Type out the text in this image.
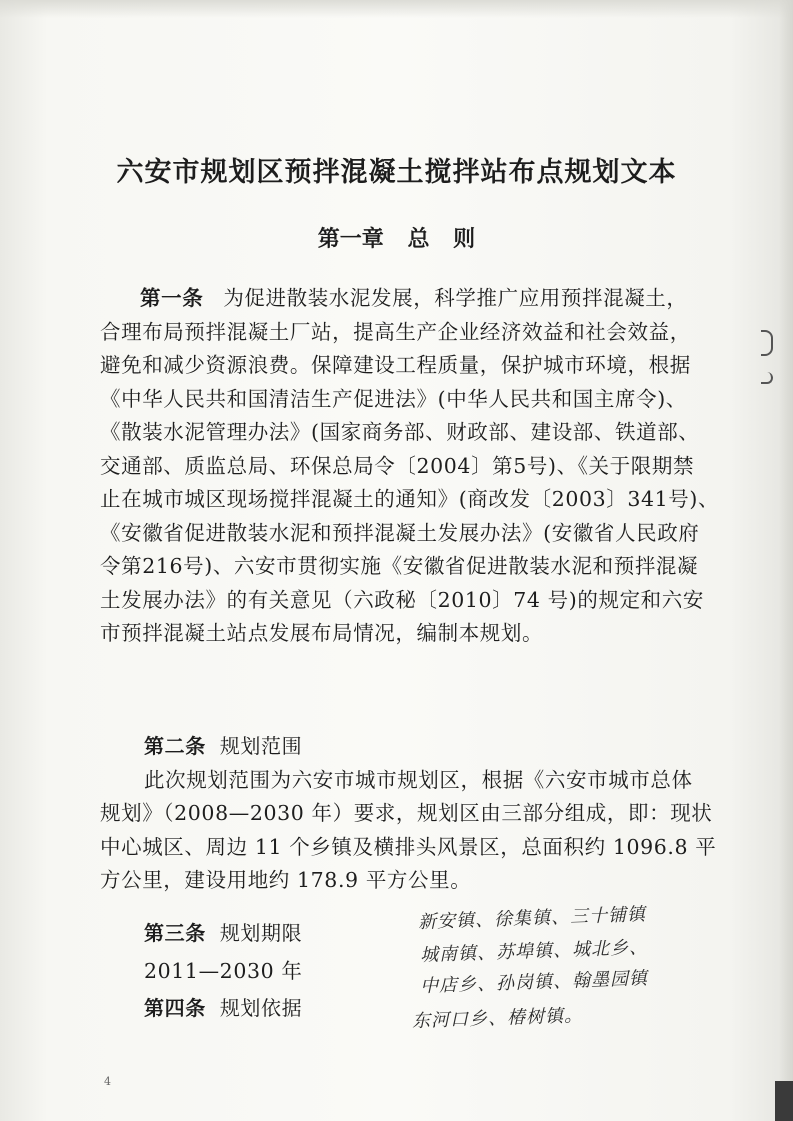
六安市规划区预拌混凝土搅拌站布点规划文本
第一章 总 则
第一条 为促进散装水泥发展，科学推广应用预拌混凝土，
合理布局预拌混凝土厂站，提高生产企业经济效益和社会效益，
避免和减少资源浪费。保障建设工程质量，保护城市环境，根据
《中华人民共和国清洁生产促进法》(中华人民共和国主席令)、
《散装水泥管理办法》(国家商务部、财政部、建设部、铁道部、
交通部、质监总局、环保总局令〔2004〕第5号)、《关于限期禁
止在城市城区现场搅拌混凝土的通知》(商改发〔2003〕341号)、
《安徽省促进散装水泥和预拌混凝土发展办法》(安徽省人民政府
令第216号)、六安市贯彻实施《安徽省促进散装水泥和预拌混凝
土发展办法》的有关意见（六政秘〔2010〕74 号)的规定和六安
市预拌混凝土站点发展布局情况，编制本规划。
第二条 规划范围
此次规划范围为六安市城市规划区，根据《六安市城市总体
规划》（2008—2030 年）要求，规划区由三部分组成，即：现状
中心城区、周边 11 个乡镇及横排头风景区，总面积约 1096.8 平
方公里，建设用地约 178.9 平方公里。
第三条 规划期限
2011—2030 年
第四条 规划依据
新安镇、徐集镇、三十铺镇
城南镇、苏埠镇、城北乡、
中店乡、孙岗镇、翰墨园镇
东河口乡、椿树镇。
4
